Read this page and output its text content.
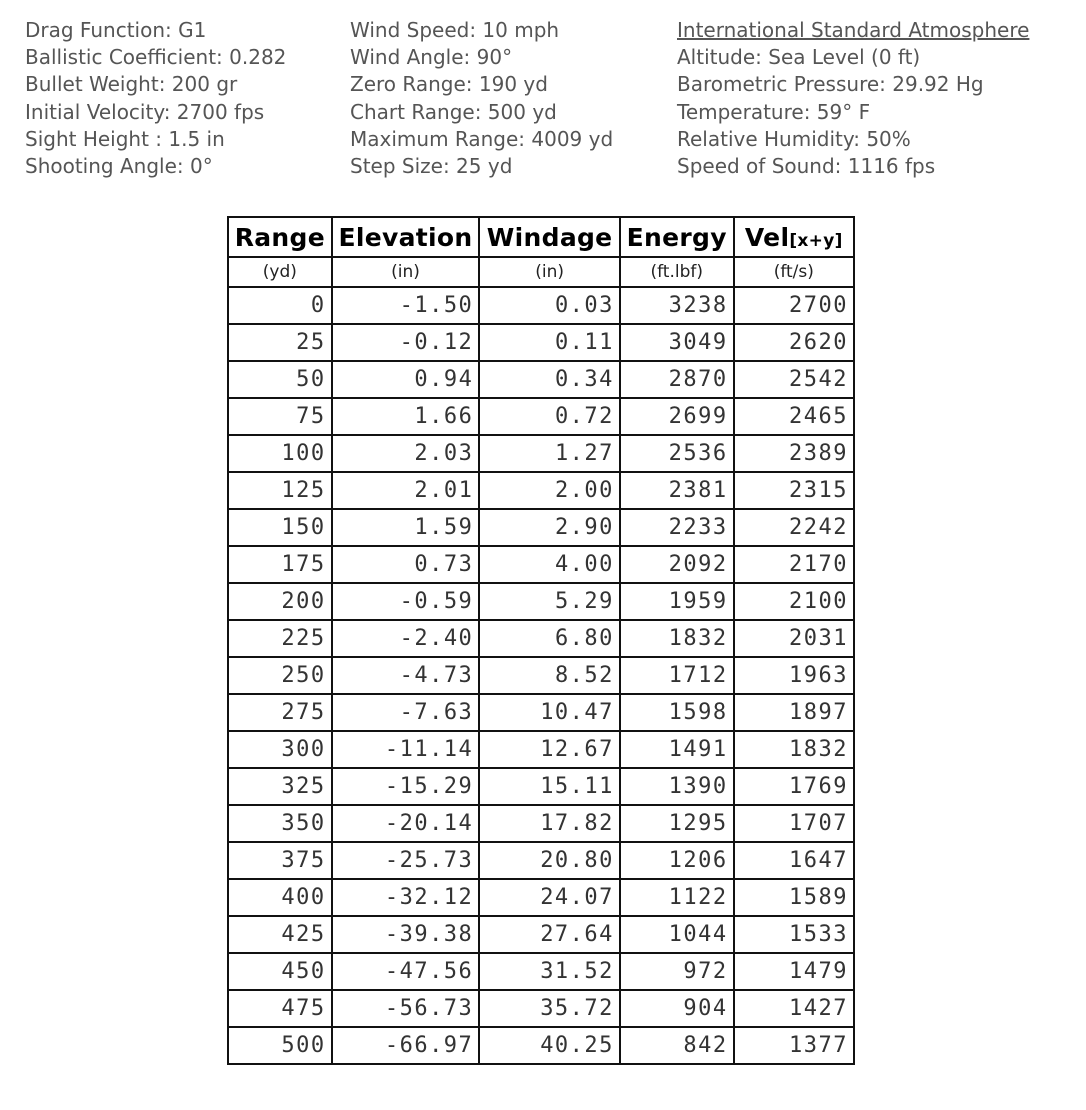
Drag Function: G1
Ballistic Coefficient: 0.282
Bullet Weight: 200 gr
Initial Velocity: 2700 fps
Sight Height : 1.5 in
Shooting Angle: 0°
Wind Speed: 10 mph
Wind Angle: 90°
Zero Range: 190 yd
Chart Range: 500 yd
Maximum Range: 4009 yd
Step Size: 25 yd
International Standard Atmosphere
Altitude: Sea Level (0 ft)
Barometric Pressure: 29.92 Hg
Temperature: 59° F
Relative Humidity: 50%
Speed of Sound: 1116 fps
Range	Elevation	Windage	Energy	Vel[x+y]
(yd)	(in)	(in)	(ft.lbf)	(ft/s)
0	-1.50	0.03	3238	2700
25	-0.12	0.11	3049	2620
50	0.94	0.34	2870	2542
75	1.66	0.72	2699	2465
100	2.03	1.27	2536	2389
125	2.01	2.00	2381	2315
150	1.59	2.90	2233	2242
175	0.73	4.00	2092	2170
200	-0.59	5.29	1959	2100
225	-2.40	6.80	1832	2031
250	-4.73	8.52	1712	1963
275	-7.63	10.47	1598	1897
300	-11.14	12.67	1491	1832
325	-15.29	15.11	1390	1769
350	-20.14	17.82	1295	1707
375	-25.73	20.80	1206	1647
400	-32.12	24.07	1122	1589
425	-39.38	27.64	1044	1533
450	-47.56	31.52	972	1479
475	-56.73	35.72	904	1427
500	-66.97	40.25	842	1377
